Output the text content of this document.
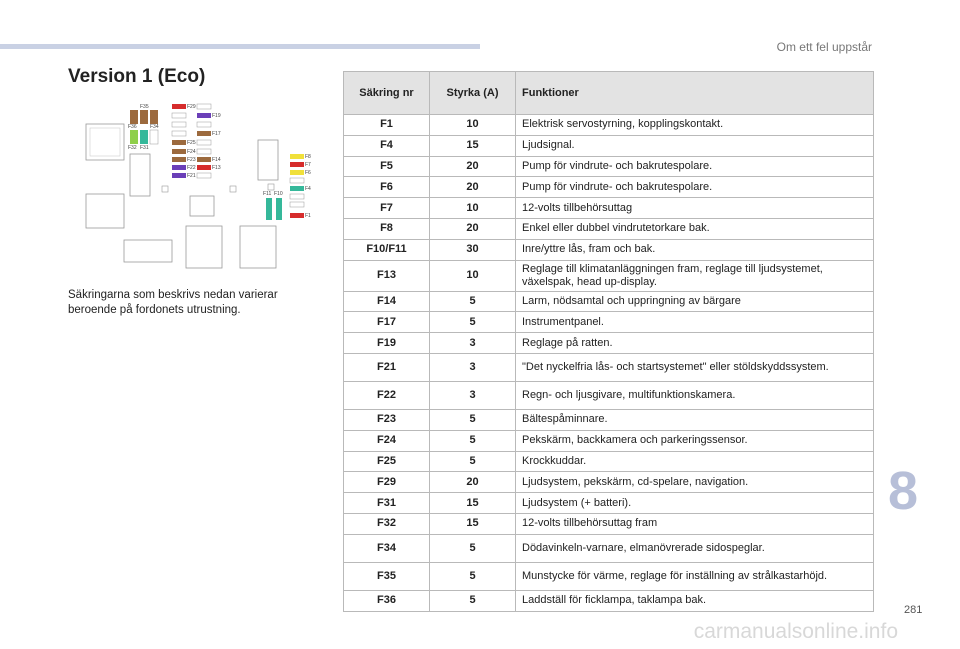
Om ett fel uppstår
Version 1 (Eco)
F35
F36	F34
F32 F31
F29
F19
F17
F25
F24
F23
F22
F21
F14
F13
F8
F7
F6
F4
F1
F11 F10
Säkringarna som beskrivs nedan varierar beroende på fordonets utrustning.
Säkring nr	Styrka (A)	Funktioner
F1	10	Elektrisk servostyrning, kopplingskontakt.
F4	15	Ljudsignal.
F5	20	Pump för vindrute- och bakrutespolare.
F6	20	Pump för vindrute- och bakrutespolare.
F7	10	12-volts tillbehörsuttag
F8	20	Enkel eller dubbel vindrutetorkare bak.
F10/F11	30	Inre/yttre lås, fram och bak.
F13	10	Reglage till klimatanläggningen fram, reglage till ljudsystemet, växelspak, head up-display.
F14	5	Larm, nödsamtal och uppringning av bärgare
F17	5	Instrumentpanel.
F19	3	Reglage på ratten.
F21	3	"Det nyckelfria lås- och startsystemet" eller stöldskyddssystem.
F22	3	Regn- och ljusgivare, multifunktionskamera.
F23	5	Bältespåminnare.
F24	5	Pekskärm, backkamera och parkeringssensor.
F25	5	Krockkuddar.
F29	20	Ljudsystem, pekskärm, cd-spelare, navigation.
F31	15	Ljudsystem (+ batteri).
F32	15	12-volts tillbehörsuttag fram
F34	5	Dödavinkeln-varnare, elmanövrerade sidospeglar.
F35	5	Munstycke för värme, reglage för inställning av strålkastarhöjd.
F36	5	Laddställ för ficklampa, taklampa bak.
8
281
carmanualsonline.info
